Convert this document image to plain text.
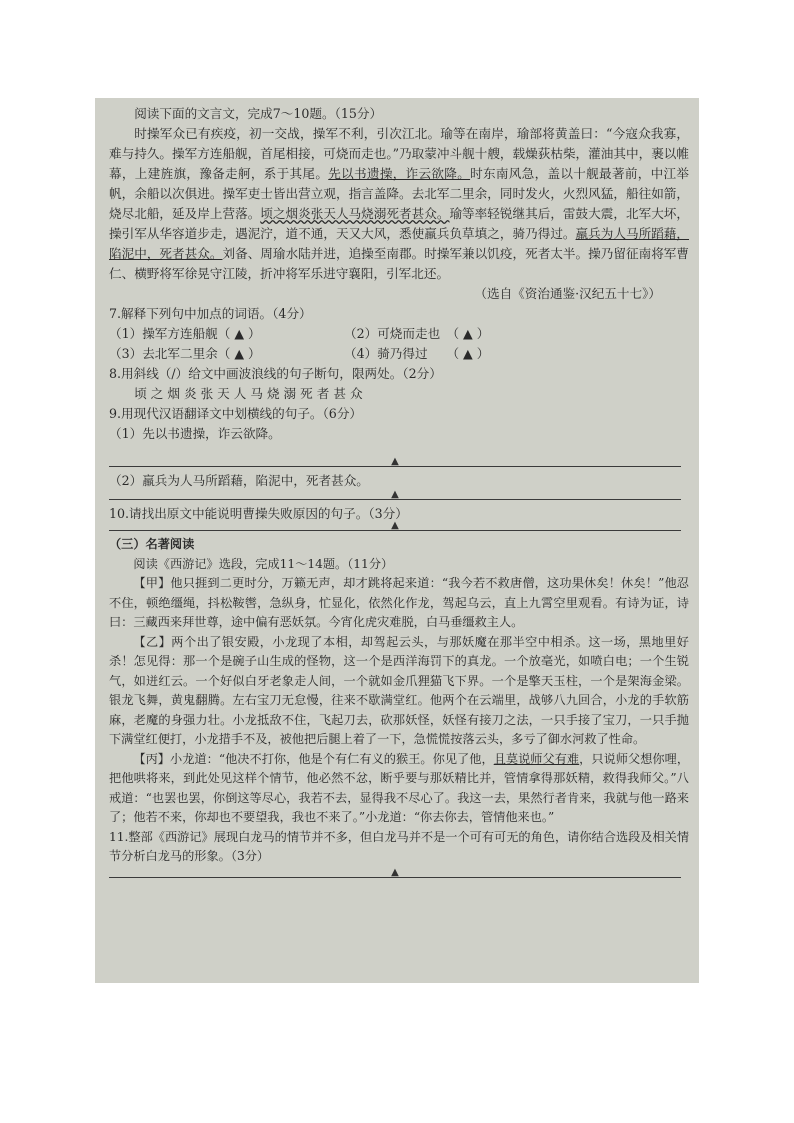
阅读下面的文言文，完成7～10题。（15分）

时操军众已有疾疫，初一交战，操军不利，引次江北。瑜等在南岸，瑜部将黄盖曰：“今寇众我寡，难与持久。操军方连船舰，首尾相接，可烧而走也。”乃取蒙冲斗舰十艘，载燥荻枯柴，灌油其中，裹以帷幕，上建旌旗，豫备走舸，系于其尾。先以书遗操，诈云欲降。时东南风急，盖以十舰最著前，中江举帆，余船以次俱进。操军吏士皆出营立观，指言盖降。去北军二里余，同时发火，火烈风猛，船往如箭，烧尽北船，延及岸上营落。顷之烟炎张天人马烧溺死者甚众。瑜等率轻锐继其后，雷鼓大震，北军大坏，操引军从华容道步走，遇泥泞，道不通，天又大风，悉使羸兵负草填之，骑乃得过。羸兵为人马所蹈藉，陷泥中，死者甚众。刘备、周瑜水陆并进，追操至南郡。时操军兼以饥疫，死者太半。操乃留征南将军曹仁、横野将军徐晃守江陵，折冲将军乐进守襄阳，引军北还。

（选自《资治通鉴·汉纪五十七》）

7.解释下列句中加点的词语。（4分）

（1）操军方连船舰（ ▲ ）	（2）可烧而走也　（ ▲ ）
（3）去北军二里余（ ▲ ）	（4）骑乃得过　　（ ▲ ）

8.用斜线（/）给文中画波浪线的句子断句，限两处。（2分）

顷 之 烟 炎 张 天 人 马 烧 溺 死 者 甚 众

9.用现代汉语翻译文中划横线的句子。（6分）

（1）先以书遗操，诈云欲降。

▲

（2）羸兵为人马所蹈藉，陷泥中，死者甚众。

▲

10.请找出原文中能说明曹操失败原因的句子。（3分）

▲

（三）名著阅读

阅读《西游记》选段，完成11～14题。（11分）

【甲】他只捱到二更时分，万籁无声，却才跳将起来道：“我今若不救唐僧，这功果休矣！休矣！”他忍不住，顿绝缰绳，抖松鞍辔，急纵身，忙显化，依然化作龙，驾起乌云，直上九霄空里观看。有诗为证，诗曰：三藏西来拜世尊，途中偏有恶妖氛。今宵化虎灾难脱，白马垂缰救主人。

【乙】两个出了银安殿，小龙现了本相，却驾起云头，与那妖魔在那半空中相杀。这一场，黑地里好杀！怎见得：那一个是碗子山生成的怪物，这一个是西洋海罚下的真龙。一个放毫光，如喷白电；一个生锐气，如迸红云。一个好似白牙老象走人间，一个就如金爪狸猫飞下界。一个是擎天玉柱，一个是架海金梁。银龙飞舞，黄鬼翻腾。左右宝刀无怠慢，往来不歇满堂红。他两个在云端里，战够八九回合，小龙的手软筋麻，老魔的身强力壮。小龙抵敌不住，飞起刀去，砍那妖怪，妖怪有接刀之法，一只手接了宝刀，一只手抛下满堂红便打，小龙措手不及，被他把后腿上着了一下，急慌慌按落云头，多亏了御水河救了性命。

【丙】小龙道：“他决不打你，他是个有仁有义的猴王。你见了他，且莫说师父有难，只说师父想你哩，把他哄将来，到此处见这样个情节，他必然不忿，断乎要与那妖精比并，管情拿得那妖精，救得我师父。”八戒道：“也罢也罢，你倒这等尽心，我若不去，显得我不尽心了。我这一去，果然行者肯来，我就与他一路来了；他若不来，你却也不要望我，我也不来了。”小龙道：“你去你去，管情他来也。”

11.整部《西游记》展现白龙马的情节并不多，但白龙马并不是一个可有可无的角色，请你结合选段及相关情节分析白龙马的形象。（3分）

▲
